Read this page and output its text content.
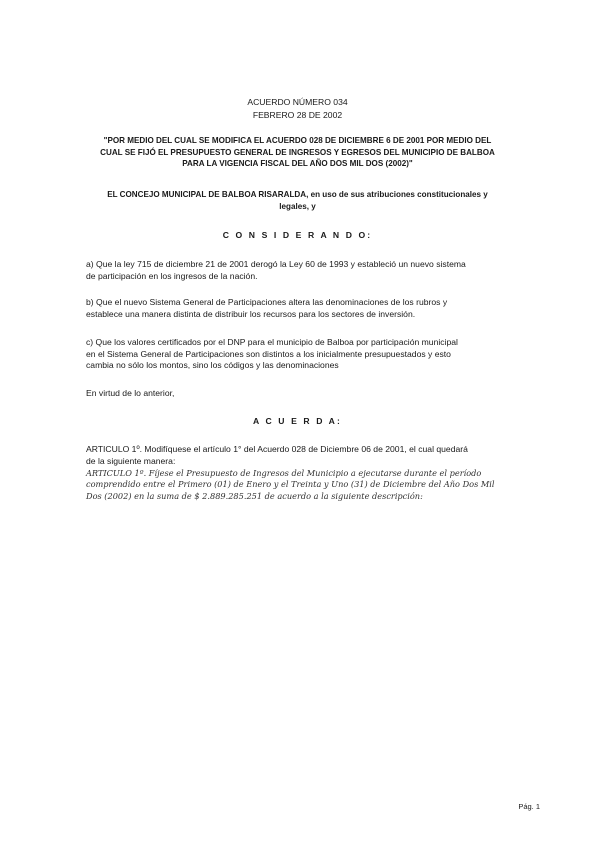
ACUERDO NÚMERO 034
FEBRERO 28 DE 2002
"POR MEDIO DEL CUAL SE MODIFICA EL ACUERDO 028 DE DICIEMBRE 6 DE 2001 POR MEDIO DEL
CUAL SE FIJÓ EL PRESUPUESTO GENERAL DE INGRESOS Y EGRESOS DEL MUNICIPIO DE BALBOA
PARA LA VIGENCIA FISCAL DEL AÑO DOS MIL DOS (2002)"
EL CONCEJO MUNICIPAL DE BALBOA RISARALDA, en uso de sus atribuciones constitucionales y
legales, y
C O N S I D E R A N D O:
a) Que la ley 715 de diciembre 21 de 2001 derogó la Ley 60 de 1993 y estableció un nuevo sistema
de participación en los ingresos de la nación.
b) Que el nuevo Sistema General de Participaciones altera las denominaciones de los rubros y
establece una manera distinta de distribuir los recursos para los sectores de inversión.
c) Que los valores certificados por el DNP para el municipio de Balboa por participación municipal
en el Sistema General de Participaciones son distintos a los inicialmente presupuestados y esto
cambia no sólo los montos, sino los códigos y las denominaciones
En virtud de lo anterior,
A C U E R D A:
ARTICULO 1º. Modifíquese el artículo 1° del Acuerdo 028 de Diciembre 06 de 2001, el cual quedará
de la siguiente manera:
ARTICULO 1º. Fíjese el Presupuesto de Ingresos del Municipio a ejecutarse durante el período
comprendido entre el Primero (01) de Enero y el Treinta y Uno (31) de Diciembre del Año Dos Mil
Dos (2002) en la suma de $ 2.889.285.251 de acuerdo a la siguiente descripción:
Pág. 1
